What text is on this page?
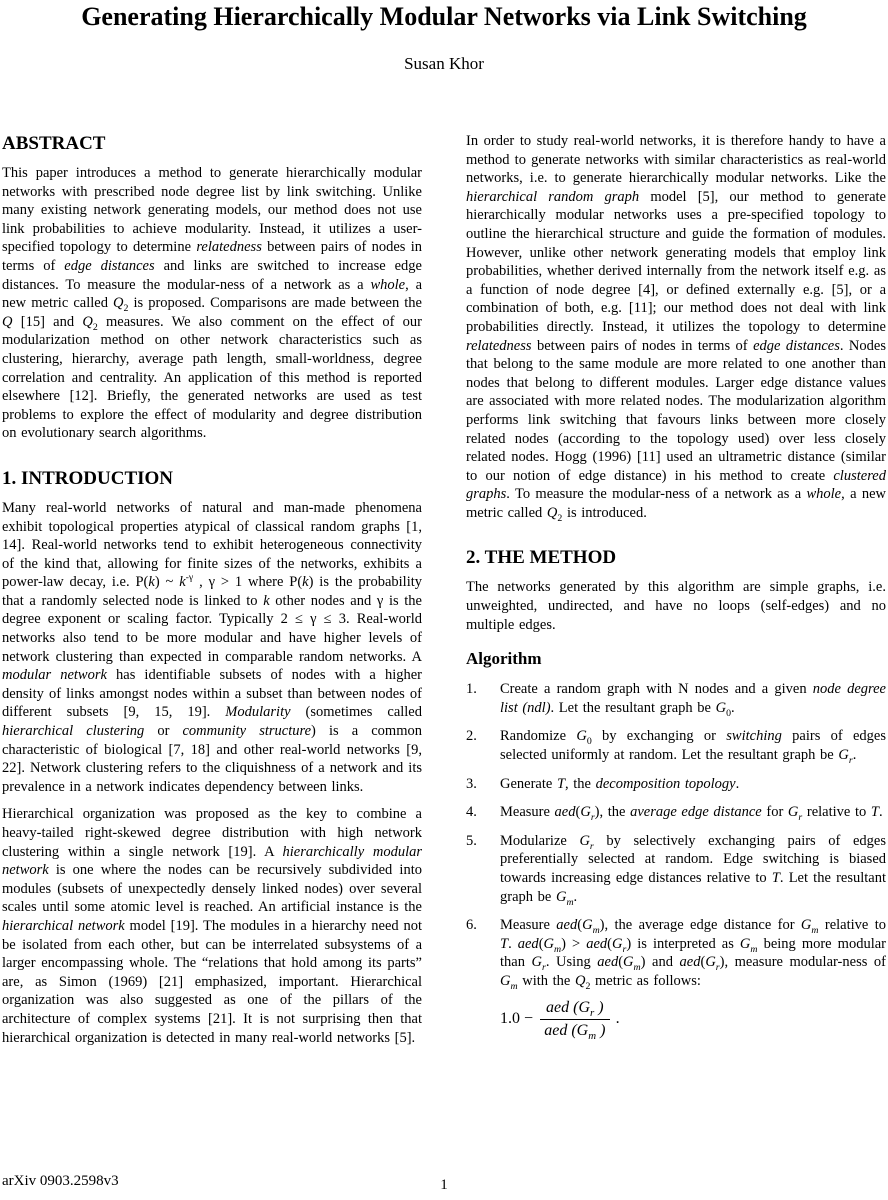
Generating Hierarchically Modular Networks via Link Switching
Susan Khor
ABSTRACT

This paper introduces a method to generate hierarchically modular networks with prescribed node degree list by link switching. Unlike many existing network generating models, our method does not use link probabilities to achieve modularity. Instead, it utilizes a user-specified topology to determine relatedness between pairs of nodes in terms of edge distances and links are switched to increase edge distances. To measure the modular-ness of a network as a whole, a new metric called $Q_2$ is proposed. Comparisons are made between the Q [15] and $Q_2$ measures. We also comment on the effect of our modularization method on other network characteristics such as clustering, hierarchy, average path length, small-worldness, degree correlation and centrality. An application of this method is reported elsewhere [12]. Briefly, the generated networks are used as test problems to explore the effect of modularity and degree distribution on evolutionary search algorithms.

1. INTRODUCTION

Many real-world networks of natural and man-made phenomena exhibit topological properties atypical of classical random graphs [1, 14]. Real-world networks tend to exhibit heterogeneous connectivity of the kind that, allowing for finite sizes of the networks, exhibits a power-law decay, i.e. P(k) ~ $k^{-\gamma}$ , γ > 1 where P(k) is the probability that a randomly selected node is linked to k other nodes and γ is the degree exponent or scaling factor. Typically 2 ≤ γ ≤ 3. Real-world networks also tend to be more modular and have higher levels of network clustering than expected in comparable random networks. A modular network has identifiable subsets of nodes with a higher density of links amongst nodes within a subset than between nodes of different subsets [9, 15, 19]. Modularity (sometimes called hierarchical clustering or community structure) is a common characteristic of biological [7, 18] and other real-world networks [9, 22]. Network clustering refers to the cliquishness of a network and its prevalence in a network indicates dependency between links.

Hierarchical organization was proposed as the key to combine a heavy-tailed right-skewed degree distribution with high network clustering within a single network [19]. A hierarchically modular network is one where the nodes can be recursively subdivided into modules (subsets of unexpectedly densely linked nodes) over several scales until some atomic level is reached. An artificial instance is the hierarchical network model [19]. The modules in a hierarchy need not be isolated from each other, but can be interrelated subsystems of a larger encompassing whole. The “relations that hold among its parts” are, as Simon (1969) [21] emphasized, important. Hierarchical organization was also suggested as one of the pillars of the architecture of complex systems [21]. It is not surprising then that hierarchical organization is detected in many real-world networks [5].

In order to study real-world networks, it is therefore handy to have a method to generate networks with similar characteristics as real-world networks, i.e. to generate hierarchically modular networks. Like the hierarchical random graph model [5], our method to generate hierarchically modular networks uses a pre-specified topology to outline the hierarchical structure and guide the formation of modules. However, unlike other network generating models that employ link probabilities, whether derived internally from the network itself e.g. as a function of node degree [4], or defined externally e.g. [5], or a combination of both, e.g. [11]; our method does not deal with link probabilities directly. Instead, it utilizes the topology to determine relatedness between pairs of nodes in terms of edge distances. Nodes that belong to the same module are more related to one another than nodes that belong to different modules. Larger edge distance values are associated with more related nodes. The modularization algorithm performs link switching that favours links between more closely related nodes (according to the topology used) over less closely related nodes. Hogg (1996) [11] used an ultrametric distance (similar to our notion of edge distance) in his method to create clustered graphs. To measure the modular-ness of a network as a whole, a new metric called $Q_2$ is introduced.

2. THE METHOD

The networks generated by this algorithm are simple graphs, i.e. unweighted, undirected, and have no loops (self-edges) and no multiple edges.

Algorithm
1.	Create a random graph with N nodes and a given node degree list (ndl). Let the resultant graph be $G_0$.
2.	Randomize $G_0$ by exchanging or switching pairs of edges selected uniformly at random. Let the resultant graph be $G_r$.
3.	Generate T, the decomposition topology.
4.	Measure $aed(G_r)$, the average edge distance for $G_r$ relative to T.
5.	Modularize $G_r$ by selectively exchanging pairs of edges preferentially selected at random. Edge switching is biased towards increasing edge distances relative to T. Let the resultant graph be $G_m$.
6.	Measure $aed(G_m)$, the average edge distance for $G_m$ relative to T. $aed(G_m) > aed(G_r)$ is interpreted as $G_m$ being more modular than $G_r$. Using $aed(G_m)$ and $aed(G_r)$, measure modular-ness of $G_m$ with the $Q_2$ metric as follows:
$1.0 - \frac{aed (G_r )}{aed (G_m )}$ .
arXiv 0903.2598v3	1
